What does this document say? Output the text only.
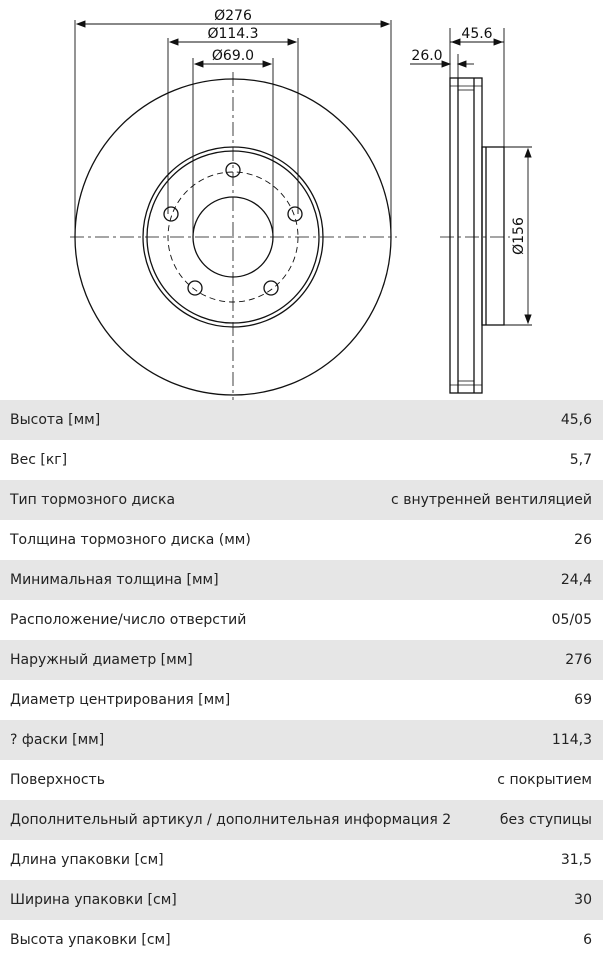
Ø276
Ø114.3
Ø69.0
45.6
26.0
Ø156
Высота [мм]	45,6
Вес [кг]	5,7
Тип тормозного диска	с внутренней вентиляцией
Толщина тормозного диска (мм)	26
Минимальная толщина [мм]	24,4
Расположение/число отверстий	05/05
Наружный диаметр [мм]	276
Диаметр центрирования [мм]	69
? фаски [мм]	114,3
Поверхность	с покрытием
Дополнительный артикул / дополнительная информация 2	без ступицы
Длина упаковки [см]	31,5
Ширина упаковки [см]	30
Высота упаковки [см]	6
